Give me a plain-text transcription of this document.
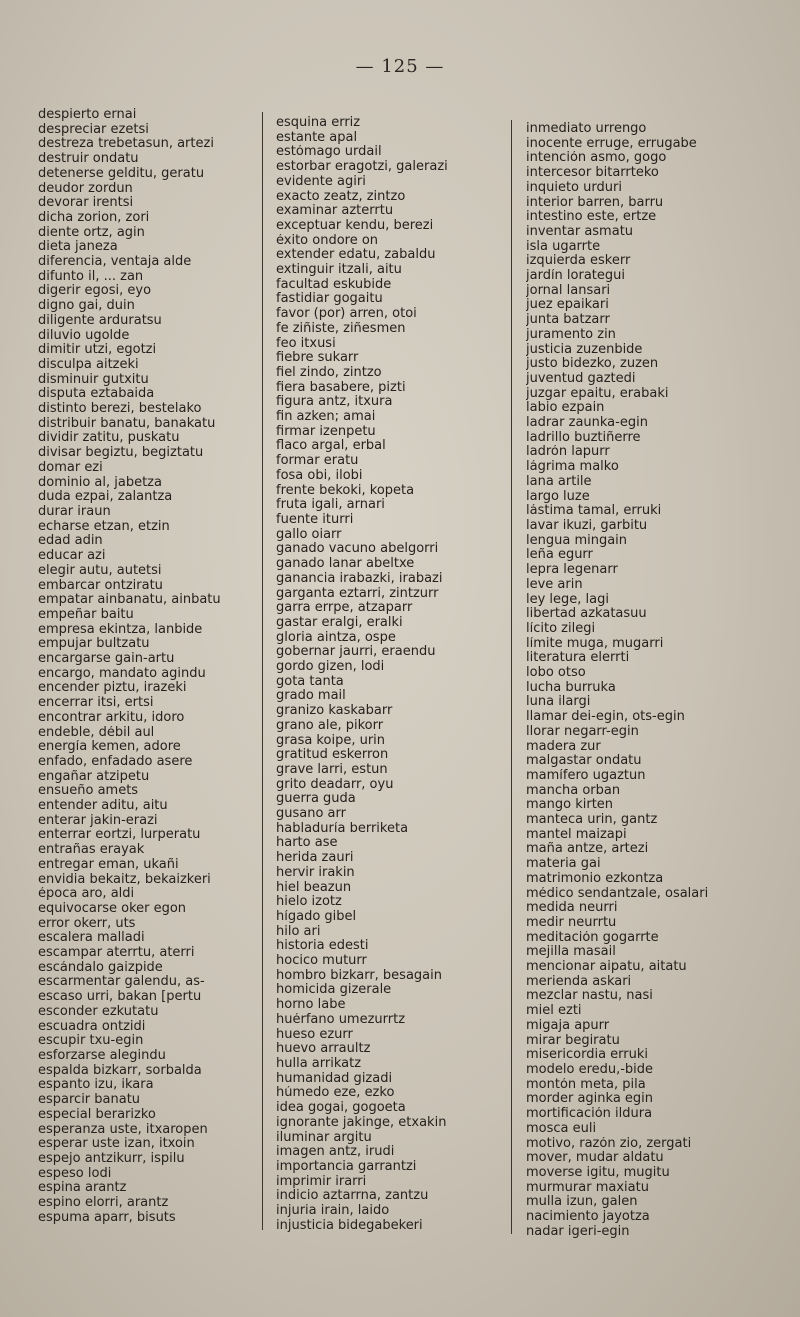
— 125 —
despierto ernai
despreciar ezetsi
destreza trebetasun, artezi
destruir ondatu
detenerse gelditu, geratu
deudor zordun
devorar irentsi
dicha zorion, zori
diente ortz, agin
dieta janeza
diferencia, ventaja alde
difunto il, ... zan
digerir egosi, eyo
digno gai, duin
diligente arduratsu
diluvio ugolde
dimitir utzi, egotzi
disculpa aitzeki
disminuir gutxitu
disputa eztabaida
distinto berezi, bestelako
distribuir banatu, banakatu
dividir zatitu, puskatu
divisar begiztu, begiztatu
domar ezi
dominio al, jabetza
duda ezpai, zalantza
durar iraun
echarse etzan, etzin
edad adin
educar azi
elegir autu, autetsi
embarcar ontziratu
empatar ainbanatu, ainbatu
empeñar baitu
empresa ekintza, lanbide
empujar bultzatu
encargarse gain-artu
encargo, mandato agindu
encender piztu, irazeki
encerrar itsi, ertsi
encontrar arkitu, idoro
endeble, débil aul
energía kemen, adore
enfado, enfadado asere
engañar atzipetu
ensueño amets
entender aditu, aitu
enterar jakin-erazi
enterrar eortzi, lurperatu
entrañas erayak
entregar eman, ukañi
envidia bekaitz, bekaizkeri
época aro, aldi
equivocarse oker egon
error okerr, uts
escalera malladi
escampar aterrtu, aterri
escándalo gaizpide
escarmentar galendu, as-
escaso urri, bakan [pertu
esconder ezkutatu
escuadra ontzidi
escupir txu-egin
esforzarse alegindu
espalda bizkarr, sorbalda
espanto izu, ikara
esparcir banatu
especial berarizko
esperanza uste, itxaropen
esperar uste izan, itxoin
espejo antzikurr, ispilu
espeso lodi
espina arantz
espino elorri, arantz
espuma aparr, bisuts
esquina erriz
estante apal
estómago urdail
estorbar eragotzi, galerazi
evidente agiri
exacto zeatz, zintzo
examinar azterrtu
exceptuar kendu, berezi
éxito ondore on
extender edatu, zabaldu
extinguir itzali, aitu
facultad eskubide
fastidiar gogaitu
favor (por) arren, otoi
fe ziñiste, ziñesmen
feo itxusi
fiebre sukarr
fiel zindo, zintzo
fiera basabere, pizti
figura antz, itxura
fin azken; amai
firmar izenpetu
flaco argal, erbal
formar eratu
fosa obi, ilobi
frente bekoki, kopeta
fruta igali, arnari
fuente iturri
gallo oiarr
ganado vacuno abelgorri
ganado lanar abeltxe
ganancia irabazki, irabazi
garganta eztarri, zintzurr
garra errpe, atzaparr
gastar eralgi, eralki
gloria aintza, ospe
gobernar jaurri, eraendu
gordo gizen, lodi
gota tanta
grado mail
granizo kaskabarr
grano ale, pikorr
grasa koipe, urin
gratitud eskerron
grave larri, estun
grito deadarr, oyu
guerra guda
gusano arr
habladuría berriketa
harto ase
herida zauri
hervir irakin
hiel beazun
hielo izotz
hígado gibel
hilo ari
historia edesti
hocico muturr
hombro bizkarr, besagain
homicida gizerale
horno labe
huérfano umezurrtz
hueso ezurr
huevo arraultz
hulla arrikatz
humanidad gizadi
húmedo eze, ezko
idea gogai, gogoeta
ignorante jakinge, etxakin
iluminar argitu
imagen antz, irudi
importancia garrantzi
imprimir irarri
indicio aztarrna, zantzu
injuria irain, laido
injusticia bidegabekeri
inmediato urrengo
inocente erruge, errugabe
intención asmo, gogo
intercesor bitarrteko
inquieto urduri
interior barren, barru
intestino este, ertze
inventar asmatu
isla ugarrte
izquierda eskerr
jardín lorategui
jornal lansari
juez epaikari
junta batzarr
juramento zin
justicia zuzenbide
justo bidezko, zuzen
juventud gaztedi
juzgar epaitu, erabaki
labio ezpain
ladrar zaunka-egin
ladrillo buztiñerre
ladrón lapurr
lágrima malko
lana artile
largo luze
lástima tamal, erruki
lavar ikuzi, garbitu
lengua mingain
leña egurr
lepra legenarr
leve arin
ley lege, lagi
libertad azkatasuu
lícito zilegi
límite muga, mugarri
literatura elerrti
lobo otso
lucha burruka
luna ilargi
llamar dei-egin, ots-egin
llorar negarr-egin
madera zur
malgastar ondatu
mamífero ugaztun
mancha orban
mango kirten
manteca urin, gantz
mantel maizapi
maña antze, artezi
materia gai
matrimonio ezkontza
médico sendantzale, osalari
medida neurri
medir neurrtu
meditación gogarrte
mejilla masail
mencionar aipatu, aitatu
merienda askari
mezclar nastu, nasi
miel ezti
migaja apurr
mirar begiratu
misericordia erruki
modelo eredu,-bide
montón meta, pila
morder aginka egin
mortificación ildura
mosca euli
motivo, razón zio, zergati
mover, mudar aldatu
moverse igitu, mugitu
murmurar maxiatu
mulla izun, galen
nacimiento jayotza
nadar igeri-egin
